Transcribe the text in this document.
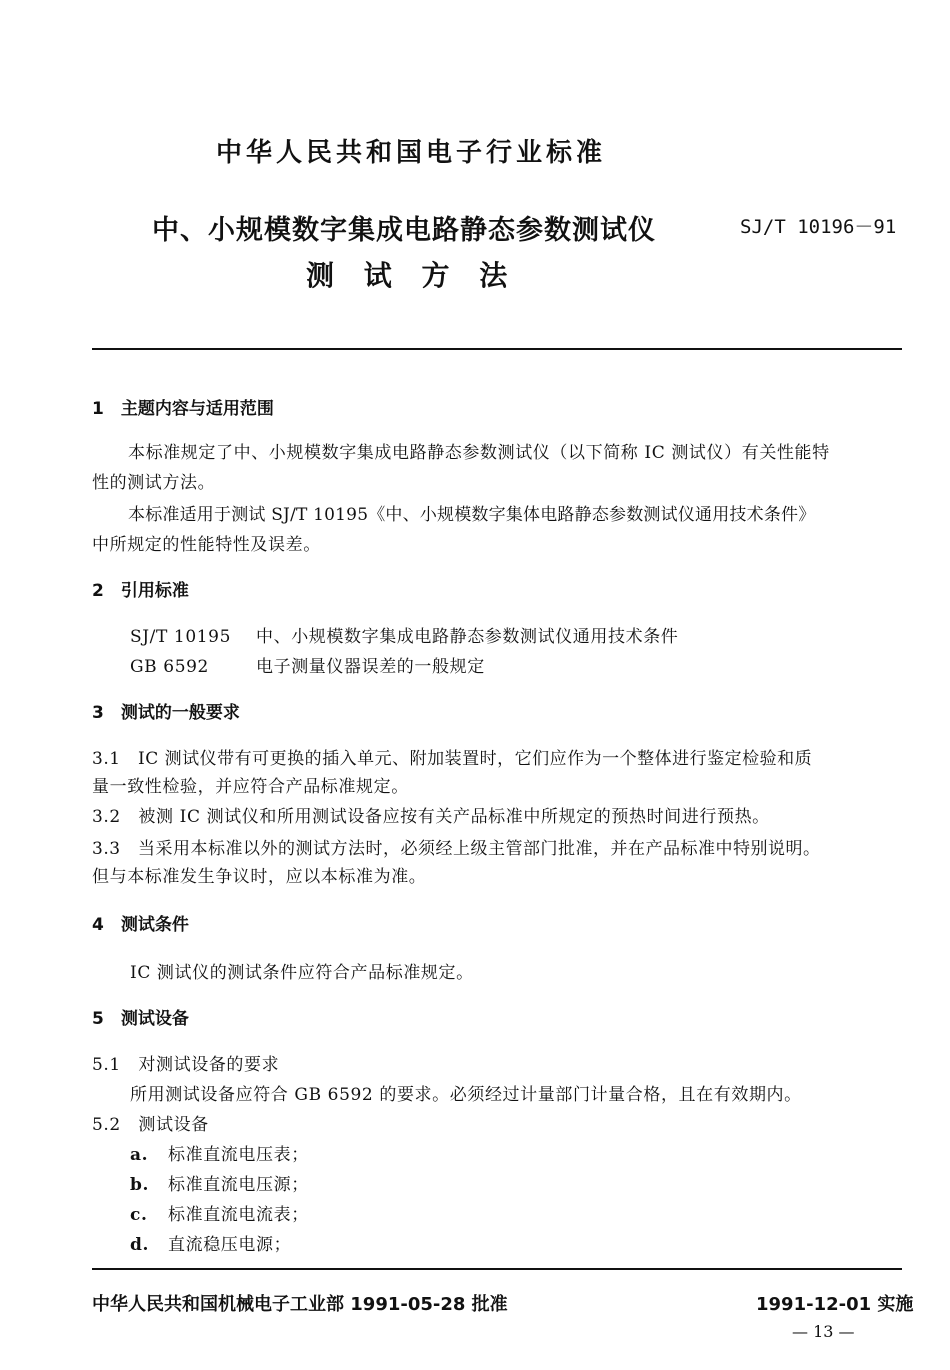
中华人民共和国电子行业标准
中、小规模数字集成电路静态参数测试仪	SJ/T 10196－91
测 试 方 法
1　主题内容与适用范围
本标准规定了中、小规模数字集成电路静态参数测试仪（以下简称 IC 测试仪）有关性能特
性的测试方法。
本标准适用于测试 SJ/T 10195《中、小规模数字集体电路静态参数测试仪通用技术条件》
中所规定的性能特性及误差。
2　引用标准
SJ/T 10195 中、小规模数字集成电路静态参数测试仪通用技术条件
GB 6592	电子测量仪器误差的一般规定
3　测试的一般要求
3.1　IC 测试仪带有可更换的插入单元、附加装置时，它们应作为一个整体进行鉴定检验和质
量一致性检验，并应符合产品标准规定。
3.2　被测 IC 测试仪和所用测试设备应按有关产品标准中所规定的预热时间进行预热。
3.3　当采用本标准以外的测试方法时，必须经上级主管部门批准，并在产品标准中特别说明。
但与本标准发生争议时，应以本标准为准。
4　测试条件
IC 测试仪的测试条件应符合产品标准规定。
5　测试设备
5.1　对测试设备的要求
所用测试设备应符合 GB 6592 的要求。必须经过计量部门计量合格，且在有效期内。
5.2　测试设备
a. 标准直流电压表；
b. 标准直流电压源；
c. 标准直流电流表；
d. 直流稳压电源；
中华人民共和国机械电子工业部 1991-05-28 批准	1991-12-01 实施
— 13 —
